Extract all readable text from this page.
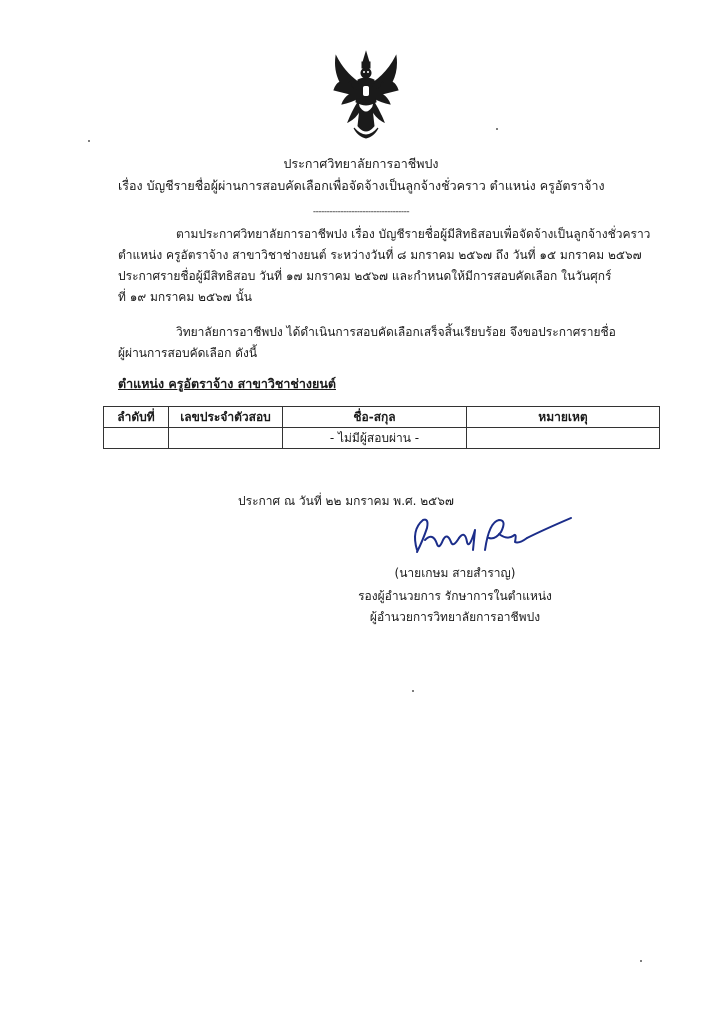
ประกาศวิทยาลัยการอาชีพปง
เรื่อง บัญชีรายชื่อผู้ผ่านการสอบคัดเลือกเพื่อจัดจ้างเป็นลูกจ้างชั่วคราว ตำแหน่ง ครูอัตราจ้าง
-----------------------------------
ตามประกาศวิทยาลัยการอาชีพปง เรื่อง บัญชีรายชื่อผู้มีสิทธิสอบเพื่อจัดจ้างเป็นลูกจ้างชั่วคราว
ตำแหน่ง ครูอัตราจ้าง สาขาวิชาช่างยนต์ ระหว่างวันที่ ๘ มกราคม ๒๕๖๗ ถึง วันที่ ๑๕ มกราคม ๒๕๖๗
ประกาศรายชื่อผู้มีสิทธิสอบ วันที่ ๑๗ มกราคม ๒๕๖๗ และกำหนดให้มีการสอบคัดเลือก ในวันศุกร์
ที่ ๑๙ มกราคม ๒๕๖๗ นั้น
วิทยาลัยการอาชีพปง ได้ดำเนินการสอบคัดเลือกเสร็จสิ้นเรียบร้อย จึงขอประกาศรายชื่อ
ผู้ผ่านการสอบคัดเลือก ดังนี้
ตำแหน่ง ครูอัตราจ้าง สาขาวิชาช่างยนต์
ลำดับที่	เลขประจำตัวสอบ	ชื่อ-สกุล	หมายเหตุ
		- ไม่มีผู้สอบผ่าน -	
ประกาศ ณ วันที่ ๒๒ มกราคม พ.ศ. ๒๕๖๗
(นายเกษม สายสำราญ)
รองผู้อำนวยการ รักษาการในตำแหน่ง
ผู้อำนวยการวิทยาลัยการอาชีพปง
